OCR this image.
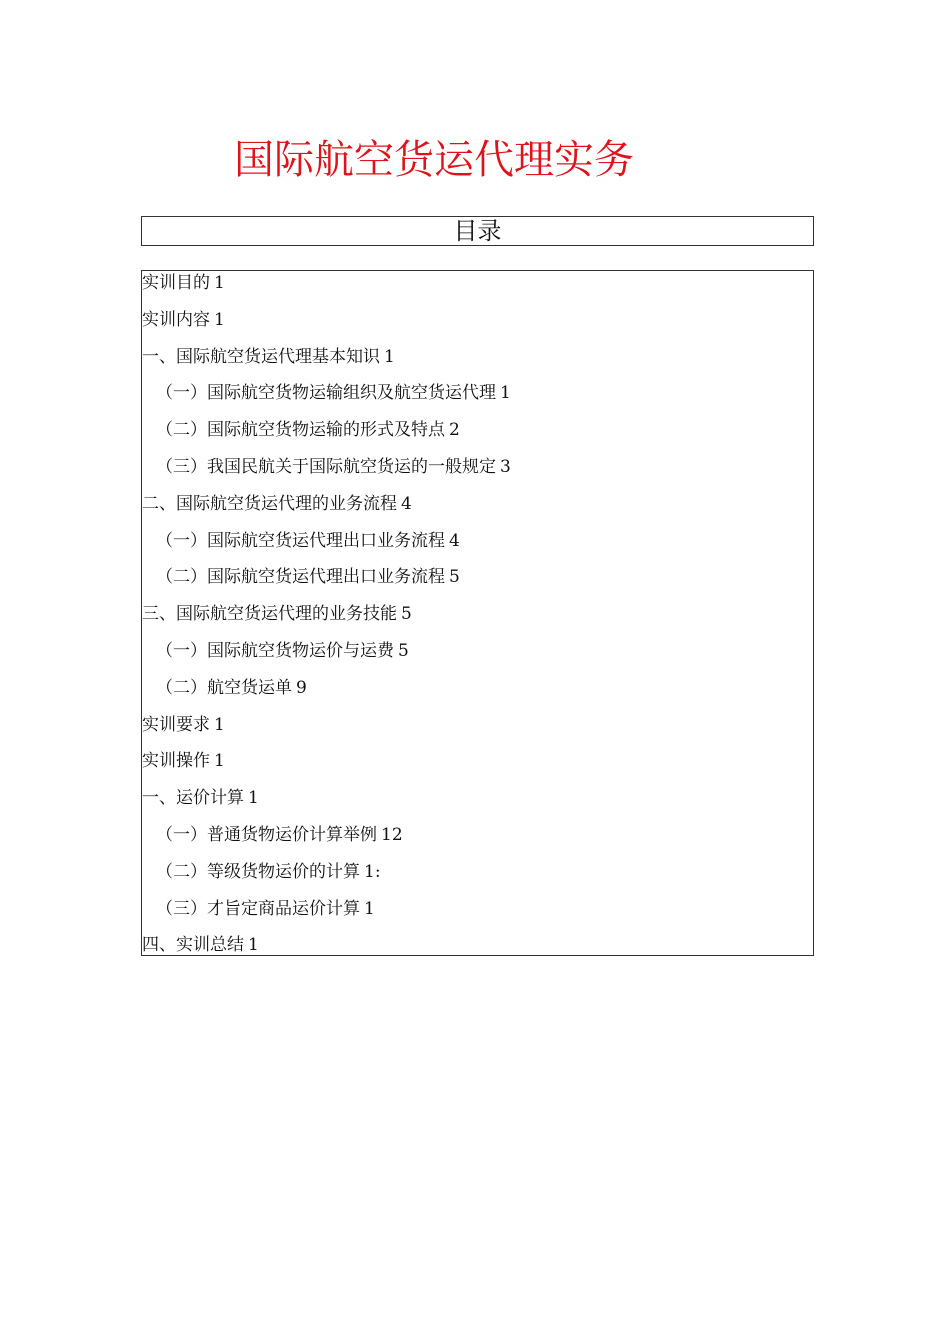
国际航空货运代理实务
目录
实训目的 1
实训内容 1
一、国际航空货运代理基本知识 1
（一）国际航空货物运输组织及航空货运代理 1
（二）国际航空货物运输的形式及特点 2
（三）我国民航关于国际航空货运的一般规定 3
二、国际航空货运代理的业务流程 4
（一）国际航空货运代理出口业务流程 4
（二）国际航空货运代理出口业务流程 5
三、国际航空货运代理的业务技能 5
（一）国际航空货物运价与运费 5
（二）航空货运单 9
实训要求 1
实训操作 1
一、运价计算 1
（一）普通货物运价计算举例 12
（二）等级货物运价的计算 1:
（三）才旨定商品运价计算 1
四、实训总结 1
